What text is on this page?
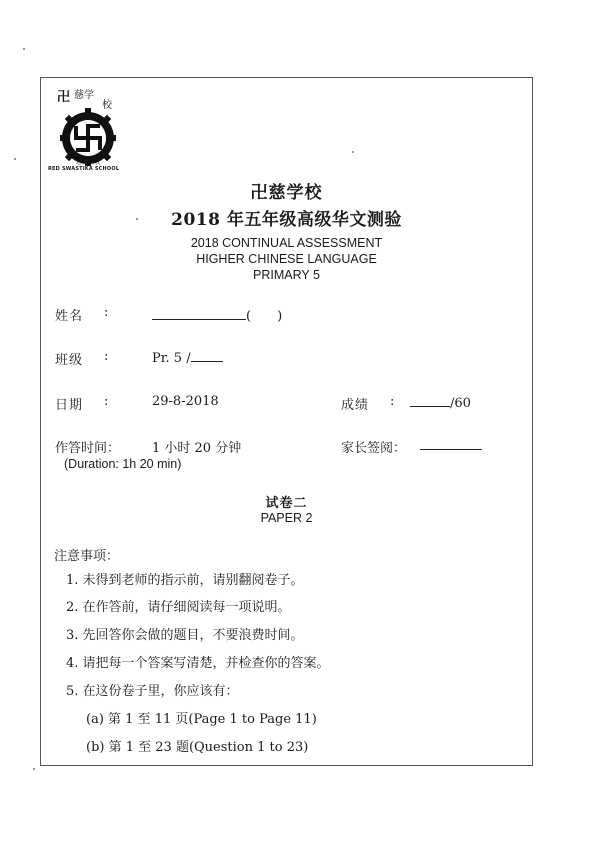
卍 慈学
校
忍宽信敬
RED SWASTIKA SCHOOL
卍慈学校
2018 年五年级高级华文测验
2018 CONTINUAL ASSESSMENT
HIGHER CHINESE LANGUAGE
PRIMARY 5
姓名 :	(　　)
班级 :	Pr. 5 /
日期 :	29-8-2018	成绩 :	/60
作答时间： 1 小时 20 分钟	家长签阅：
(Duration: 1h 20 min)
试卷二
PAPER 2
注意事项：
1. 未得到老师的指示前，请别翻阅卷子。
2. 在作答前，请仔细阅读每一项说明。
3. 先回答你会做的题目，不要浪费时间。
4. 请把每一个答案写清楚，并检查你的答案。
5. 在这份卷子里，你应该有：
(a) 第 1 至 11 页(Page 1 to Page 11)
(b) 第 1 至 23 题(Question 1 to 23)
